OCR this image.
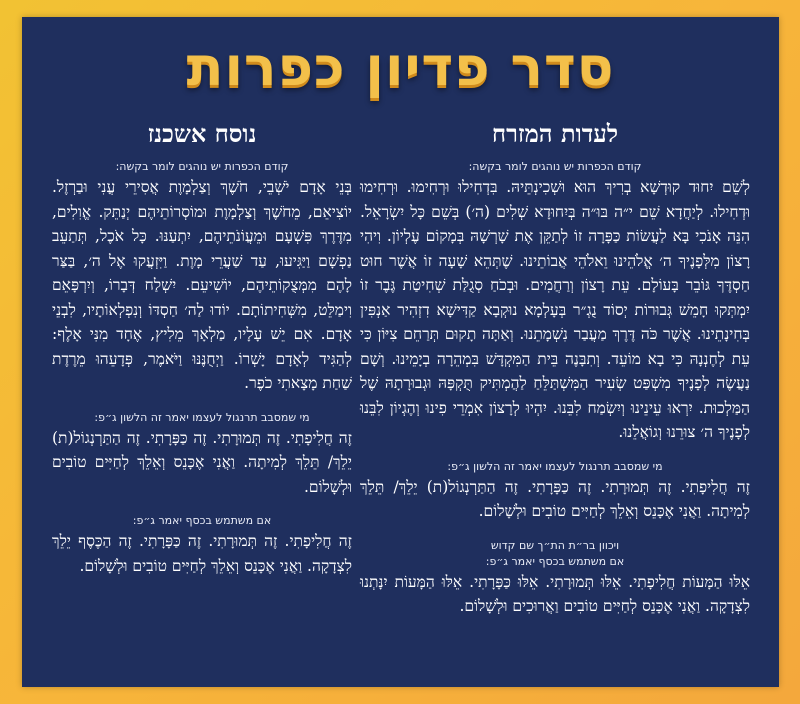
סדר פדיון כפרות
לעדות המזרח
קודם הכפרות יש נוהגים לומר בקשה:

לְשֵׁם יִחוּד קוּדְשָׁא בְרִיךְ הוּא וּשְׁכִינְתֵּיהּ. בִּדְחִילוּ וּרְחִימוּ. וּרְחִימוּ וּדְחִילוּ. לְיַחֲדָא שֵׁם י״ה בּוּ״ה בְּיִחוּדָא שְׁלִים (ה׳) בְּשֵׁם כָּל יִשְׂרָאֵל. הִנֵּה אָנֹכִי בָּא לַעֲשׂוֹת כַּפָּרָה זוֹ לְתַקֵּן אֶת שָׁרְשָׁהּ בְּמָקוֹם עֶלְיוֹן. וִיהִי רָצוֹן מִלְּפָנֶיךָ ה׳ אֱלֹהֵינוּ וֵאלֹהֵי אֲבוֹתֵינוּ. שֶׁתְּהֵא שָׁעָה זוֹ אֲשֶׁר חוּט חַסְדֶּךָ גּוֹבֵר בָּעוֹלָם. עֵת רָצוֹן וְרַחֲמִים. וּבְכֹחַ סְגֻלַּת שְׁחִיטַת גֶּבֶר זוֹ יִמְתְּקוּ חָמֵשׁ גְּבוּרוֹת יְסוֹד נֻגְ״ר בְּעָלְמָא נוּקְבָא קַדִּישָׁא דִזְהִיר אַנְפִּין בְּחִינָתֵינוּ. אֲשֶׁר כֹּה דֶּרֶךְ מַעֲבַר נִשְׁמָתֵנוּ. וְאַתָּה תָקוּם תְּרַחֵם צִיּוֹן כִּי עֵת לְחֶנְנָהּ כִּי בָא מוֹעֵד. וְתִבָּנֶה בֵּית הַמִּקְדָּשׁ בִּמְהֵרָה בְיָמֵינוּ. וְשָׁם נַעֲשֶׂה לְפָנֶיךָ מִשְׁפַּט שְׂעִיר הַמִּשְׁתַּלֵּחַ לַהֲמְתִּיק תֻּקְפָּהּ וּגְבוּרָתָהּ שֶׁל הַמַּלְכוּת. יִרְאוּ עֵינֵינוּ וְיִשְׂמַח לִבֵּנוּ. יִהְיוּ לְרָצוֹן אִמְרֵי פִינוּ וְהֶגְיוֹן לִבֵּנוּ לְפָנֶיךָ ה׳ צוּרֵנוּ וְגוֹאֲלֵנוּ.

מי שמסבב תרנגול לעצמו יאמר זה הלשון ג״פ:

זֶה חֲלִיפָתִי. זֶה תְּמוּרָתִי. זֶה כַּפָּרָתִי. זֶה הַתַּרְנְגוֹל(ת) יֵלֵךְ/ תֵּלֵךְ לְמִיתָה. וַאֲנִי אֶכָּנֵס וְאֵלֵךְ לְחַיִּים טוֹבִים וּלְשָׁלוֹם.

ויכוון בר״ת הת״ך שם קדוש
אם משתמש בכסף יאמר ג״פ:

אֵלּוּ הַמָּעוֹת חֲלִיפָתִי. אֵלּוּ תְּמוּרָתִי. אֵלּוּ כַּפָּרָתִי. אֵלּוּ הַמָּעוֹת יִנָּתְנוּ לִצְדָקָה. וַאֲנִי אֶכָּנֵס לְחַיִּים טוֹבִים וַאֲרוּכִים וּלְשָׁלוֹם.

נוסח אשכנז
קודם הכפרות יש נוהגים לומר בקשה:

בְּנֵי אָדָם יֹשְׁבֵי, חֹשֶׁךְ וְצַלְמָוֶת אֲסִירֵי עֳנִי וּבַרְזֶל. יוֹצִיאֵם, מֵחֹשֶׁךְ וְצַלְמָוֶת וּמוֹסְרוֹתֵיהֶם יְנַתֵּק. אֱוִלִים, מִדֶּרֶךְ פִּשְׁעָם וּמֵעֲוֹנֹתֵיהֶם, יִתְעַנּוּ. כָּל אֹכֶל, תְּתַעֵב נַפְשָׁם וַיַּגִּיעוּ, עַד שַׁעֲרֵי מָוֶת. וַיִּזְעֲקוּ אֶל ה׳, בַּצַּר לָהֶם מִמְּצֻקוֹתֵיהֶם, יוֹשִׁיעֵם. יִשְׁלַח דְּבָרוֹ, וְיִרְפָּאֵם וִימַלֵּט, מִשְּׁחִיתוֹתָם. יוֹדוּ לַה׳ חַסְדּוֹ וְנִפְלְאוֹתָיו, לִבְנֵי אָדָם. אִם יֵשׁ עָלָיו, מַלְאָךְ מֵלִיץ, אֶחָד מִנִּי אָלֶף: לְהַגִּיד לְאָדָם יָשְׁרוֹ. וַיְחֻנֶּנּוּ וַיֹּאמֶר, פְּדָעֵהוּ מֵרֶדֶת שַׁחַת מָצָאתִי כֹפֶר.

מי שמסבב תרנגול לעצמו יאמר זה הלשון ג״פ:

זֶה חֲלִיפָתִי. זֶה תְּמוּרָתִי. זֶה כַּפָּרָתִי. זֶה הַתַּרְנְגוֹל(ת) יֵלֵךְ/ תֵּלֵךְ לְמִיתָה. וַאֲנִי אֶכָּנֵס וְאֵלֵךְ לְחַיִּים טוֹבִים וּלְשָׁלוֹם.

אם משתמש בכסף יאמר ג״פ:

זֶה חֲלִיפָתִי. זֶה תְּמוּרָתִי. זֶה כַּפָּרָתִי. זֶה הַכֶּסֶף יֵלֵךְ לִצְדָקָה. וַאֲנִי אֶכָּנֵס וְאֵלֵךְ לְחַיִּים טוֹבִים וּלְשָׁלוֹם.
